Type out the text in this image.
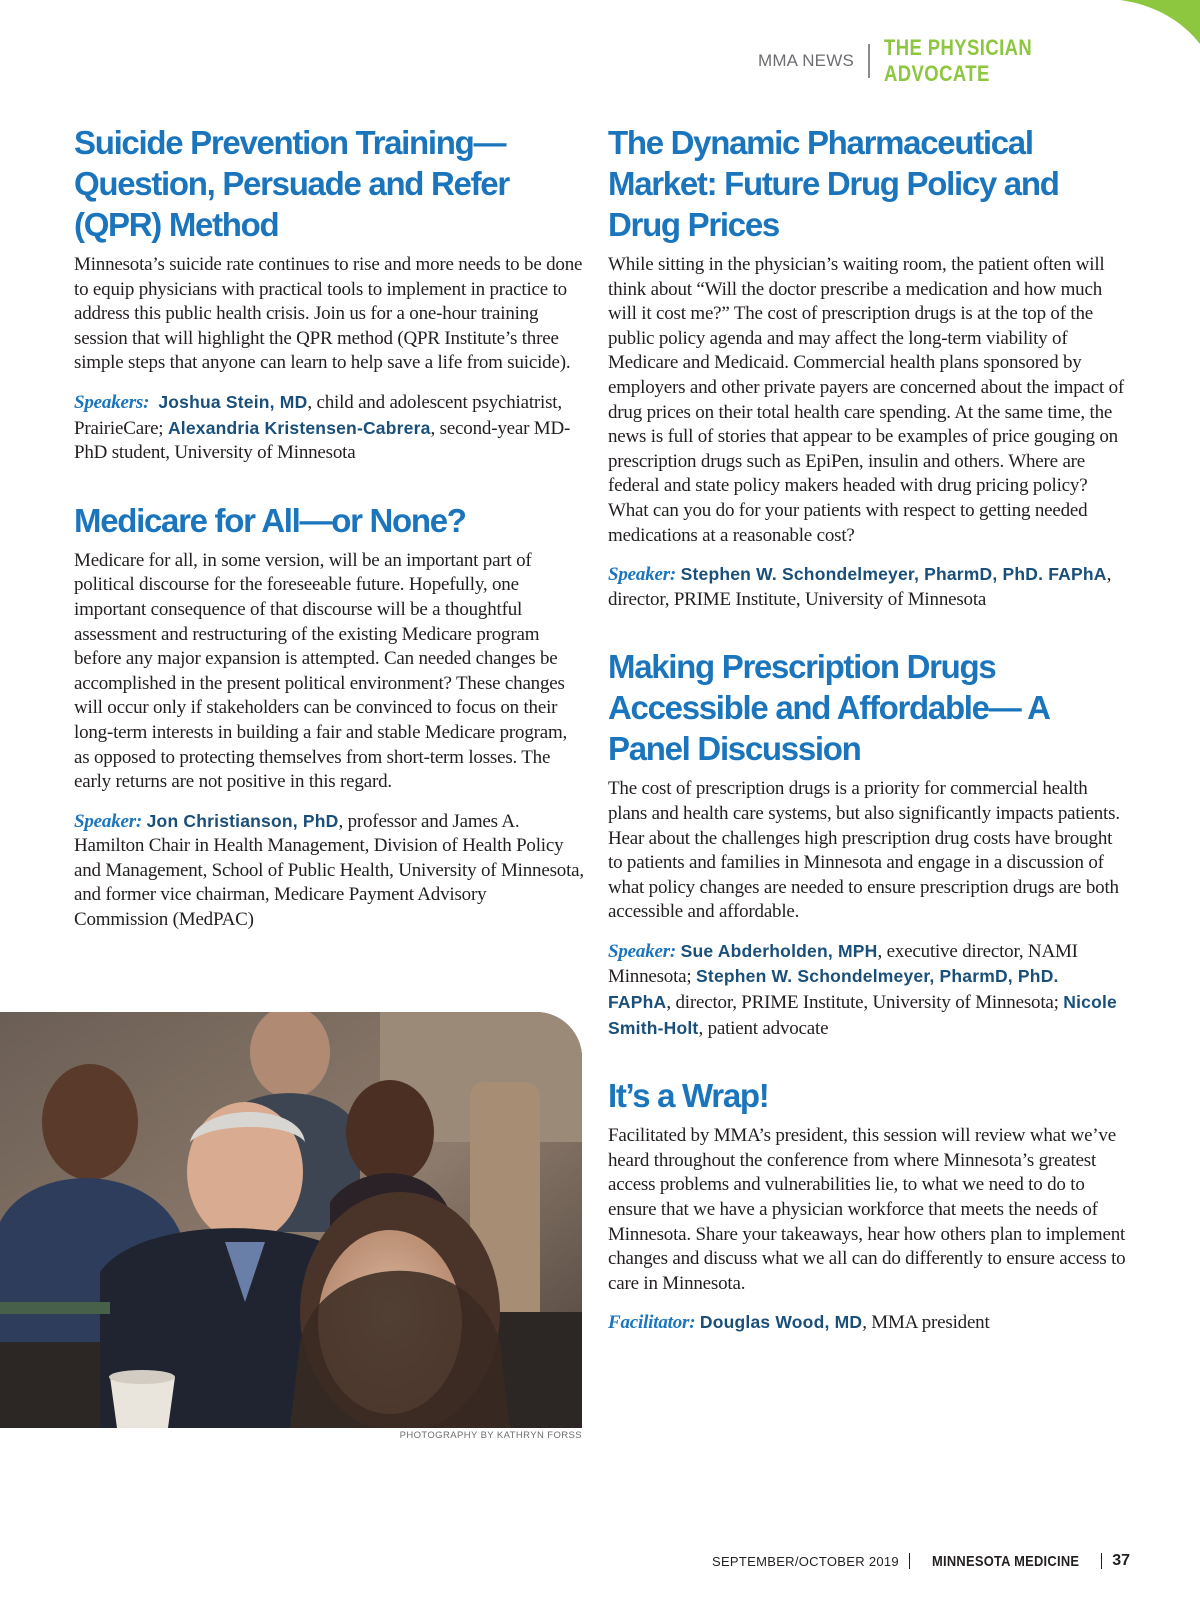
MMA NEWS
THE PHYSICIAN ADVOCATE
Suicide Prevention Training— Question, Persuade and Refer (QPR) Method

Minnesota’s suicide rate continues to rise and more needs to be done to equip physicians with practical tools to implement in practice to address this public health crisis. Join us for a one-hour training session that will highlight the QPR method (QPR Institute’s three simple steps that anyone can learn to help save a life from suicide).

Speakers: Joshua Stein, MD, child and adolescent psychiatrist, PrairieCare; Alexandria Kristensen-Cabrera, second-year MD-PhD student, University of Minnesota

Medicare for All—or None?

Medicare for all, in some version, will be an important part of political discourse for the foreseeable future. Hopefully, one important consequence of that discourse will be a thoughtful assessment and restructuring of the existing Medicare program before any major expansion is attempted. Can needed changes be accomplished in the present political environment? These changes will occur only if stakeholders can be convinced to focus on their long-term interests in building a fair and stable Medicare program, as opposed to protecting themselves from short-term losses. The early returns are not positive in this regard.

Speaker: Jon Christianson, PhD, professor and James A. Hamilton Chair in Health Management, Division of Health Policy and Management, School of Public Health, University of Minnesota, and former vice chairman, Medicare Payment Advisory Commission (MedPAC)

The Dynamic Pharmaceutical Market: Future Drug Policy and Drug Prices

While sitting in the physician’s waiting room, the patient often will think about “Will the doctor prescribe a medication and how much will it cost me?” The cost of prescription drugs is at the top of the public policy agenda and may affect the long-term viability of Medicare and Medicaid. Commercial health plans sponsored by employers and other private payers are concerned about the impact of drug prices on their total health care spending. At the same time, the news is full of stories that appear to be examples of price gouging on prescription drugs such as EpiPen, insulin and others. Where are federal and state policy makers headed with drug pricing policy? What can you do for your patients with respect to getting needed medications at a reasonable cost?

Speaker: Stephen W. Schondelmeyer, PharmD, PhD. FAPhA, director, PRIME Institute, University of Minnesota

Making Prescription Drugs Accessible and Affordable— A Panel Discussion

The cost of prescription drugs is a priority for commercial health plans and health care systems, but also significantly impacts patients. Hear about the challenges high prescription drug costs have brought to patients and families in Minnesota and engage in a discussion of what policy changes are needed to ensure prescription drugs are both accessible and affordable.

Speaker: Sue Abderholden, MPH, executive director, NAMI Minnesota; Stephen W. Schondelmeyer, PharmD, PhD. FAPhA, director, PRIME Institute, University of Minnesota; Nicole Smith-Holt, patient advocate

It’s a Wrap!

Facilitated by MMA’s president, this session will review what we’ve heard throughout the conference from where Minnesota’s greatest access problems and vulnerabilities lie, to what we need to do to ensure that we have a physician workforce that meets the needs of Minnesota. Share your takeaways, hear how others plan to implement changes and discuss what we all can do differently to ensure access to care in Minnesota.

Facilitator: Douglas Wood, MD, MMA president

PHOTOGRAPHY BY KATHRYN FORSS
SEPTEMBER/OCTOBER 2019 MINNESOTA MEDICINE 37
